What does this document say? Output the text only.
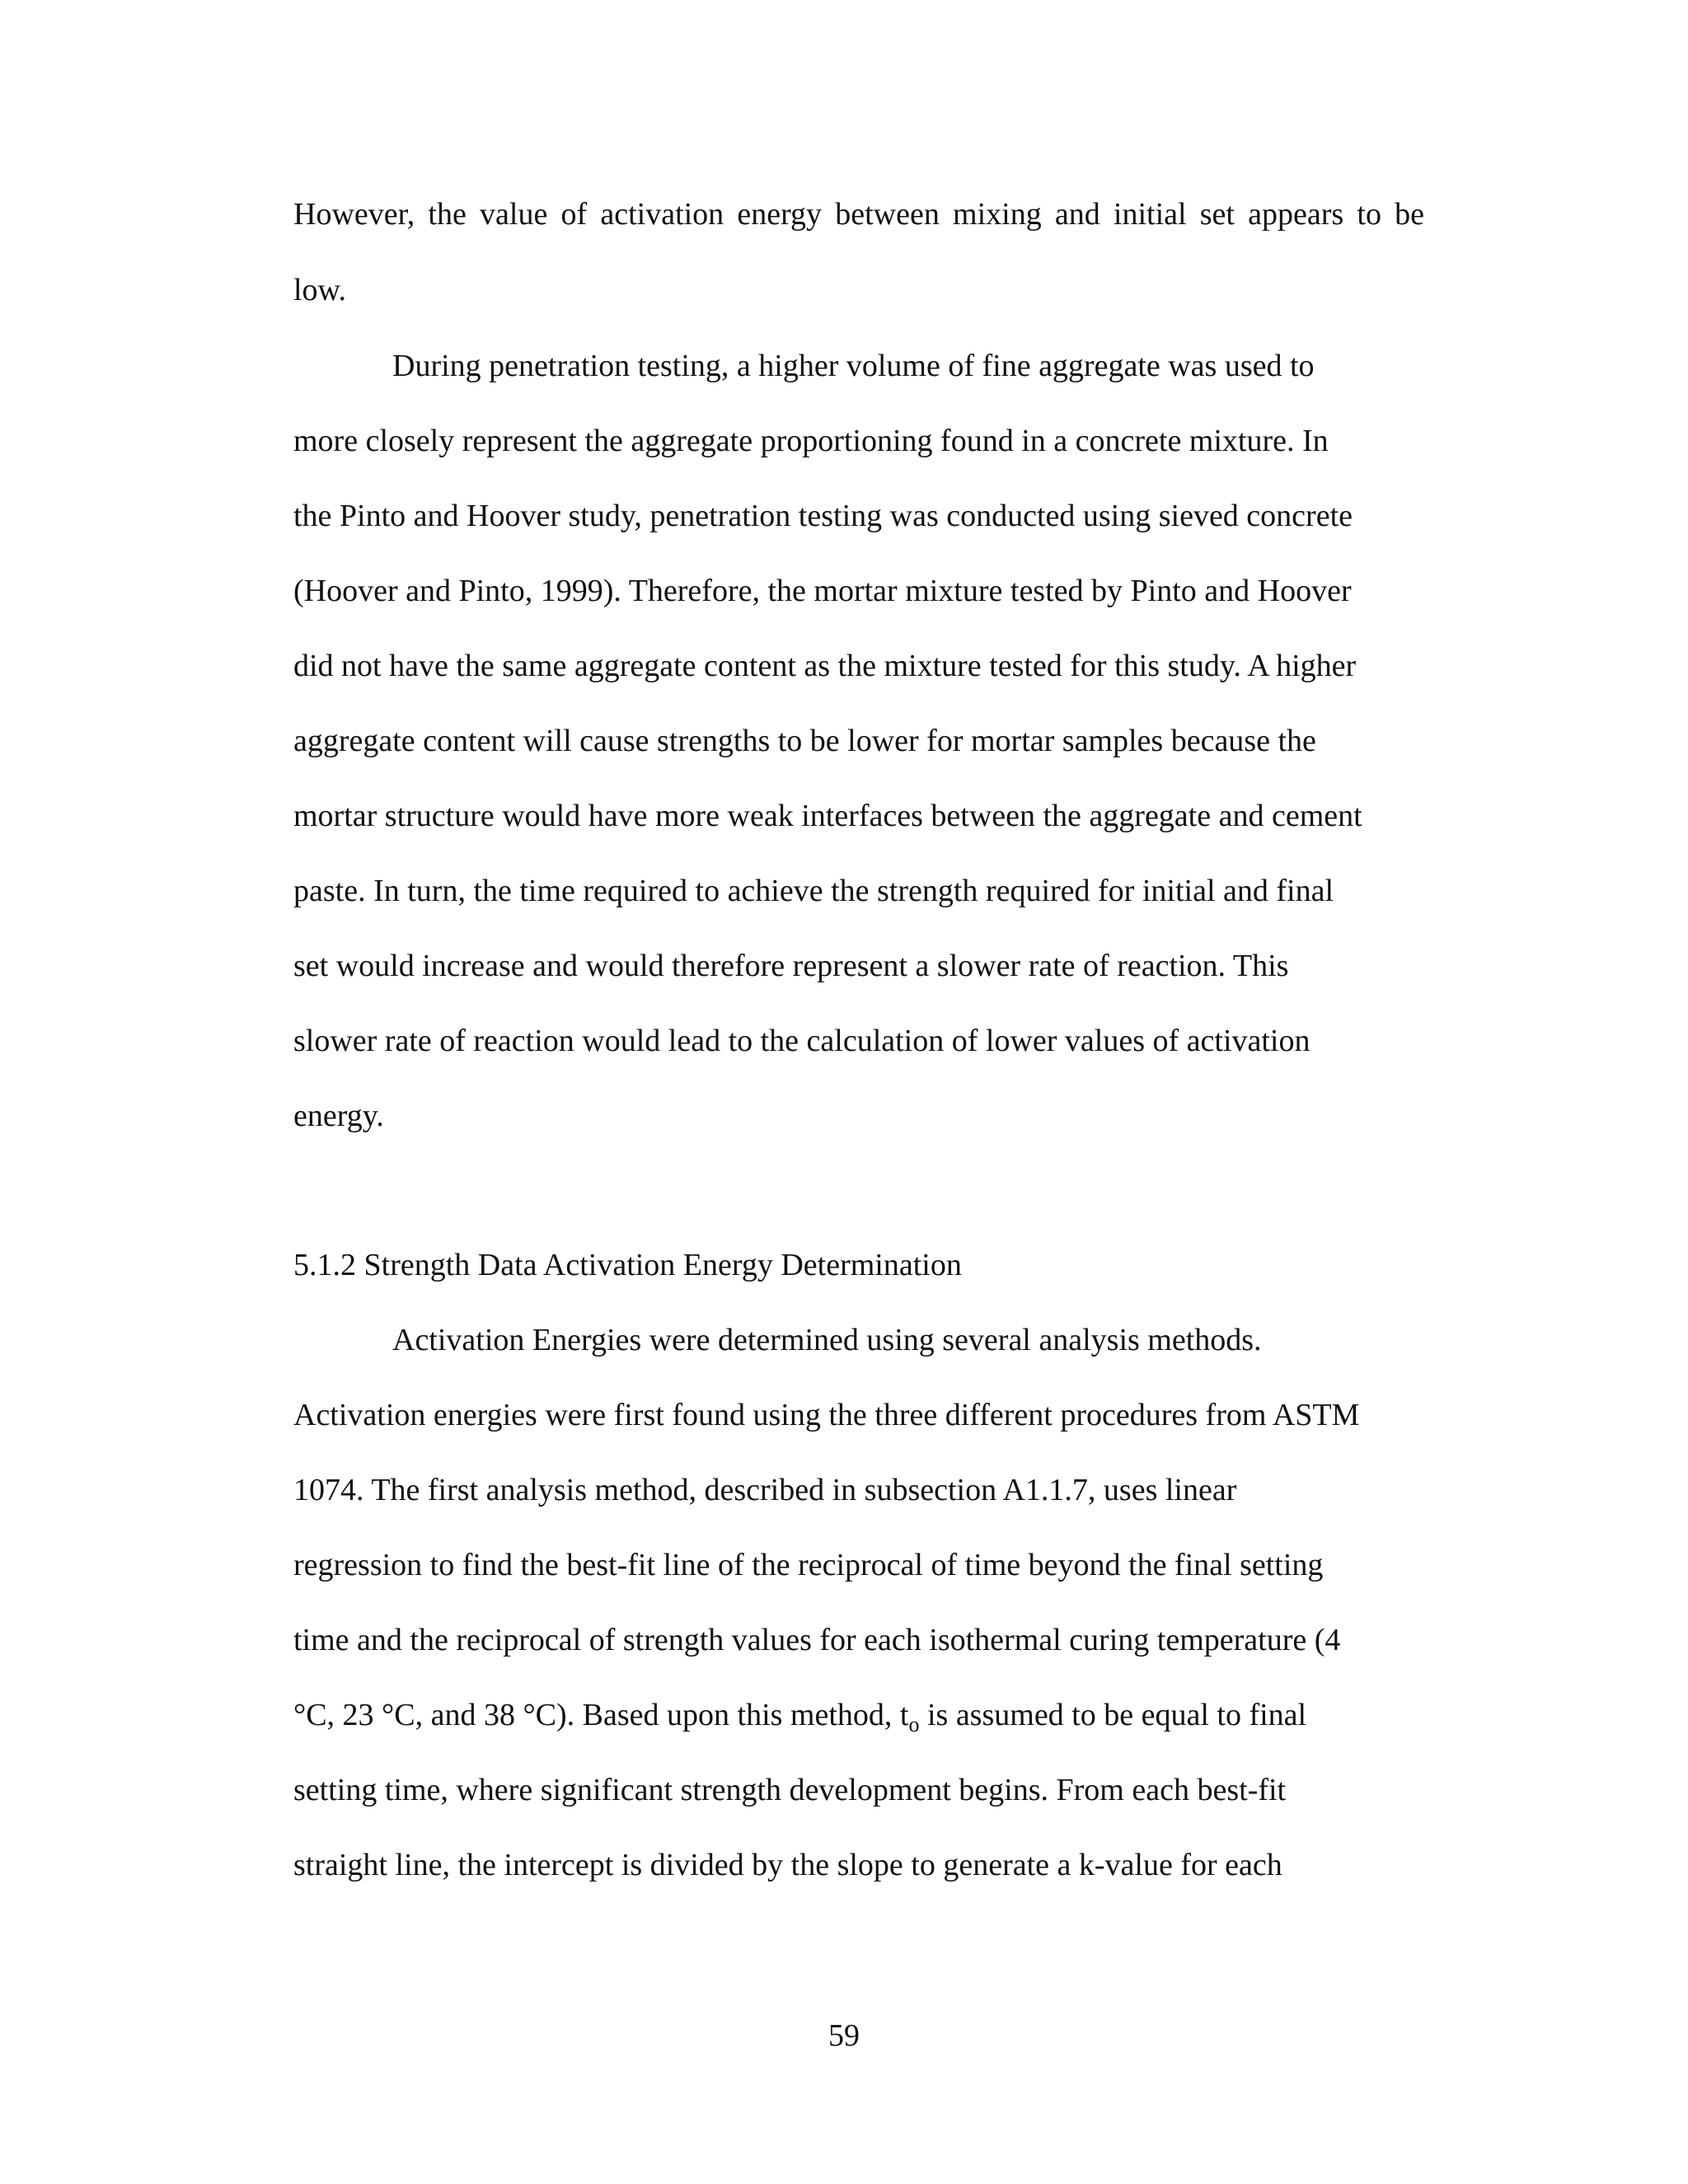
However, the value of activation energy between mixing and initial set appears to be
low.
During penetration testing, a higher volume of fine aggregate was used to
more closely represent the aggregate proportioning found in a concrete mixture. In
the Pinto and Hoover study, penetration testing was conducted using sieved concrete
(Hoover and Pinto, 1999). Therefore, the mortar mixture tested by Pinto and Hoover
did not have the same aggregate content as the mixture tested for this study. A higher
aggregate content will cause strengths to be lower for mortar samples because the
mortar structure would have more weak interfaces between the aggregate and cement
paste. In turn, the time required to achieve the strength required for initial and final
set would increase and would therefore represent a slower rate of reaction. This
slower rate of reaction would lead to the calculation of lower values of activation
energy.
5.1.2 Strength Data Activation Energy Determination
Activation Energies were determined using several analysis methods.
Activation energies were first found using the three different procedures from ASTM
1074. The first analysis method, described in subsection A1.1.7, uses linear
regression to find the best-fit line of the reciprocal of time beyond the final setting
time and the reciprocal of strength values for each isothermal curing temperature (4
°C, 23 °C, and 38 °C). Based upon this method, $t_o$ is assumed to be equal to final
setting time, where significant strength development begins. From each best-fit
straight line, the intercept is divided by the slope to generate a k-value for each
59
